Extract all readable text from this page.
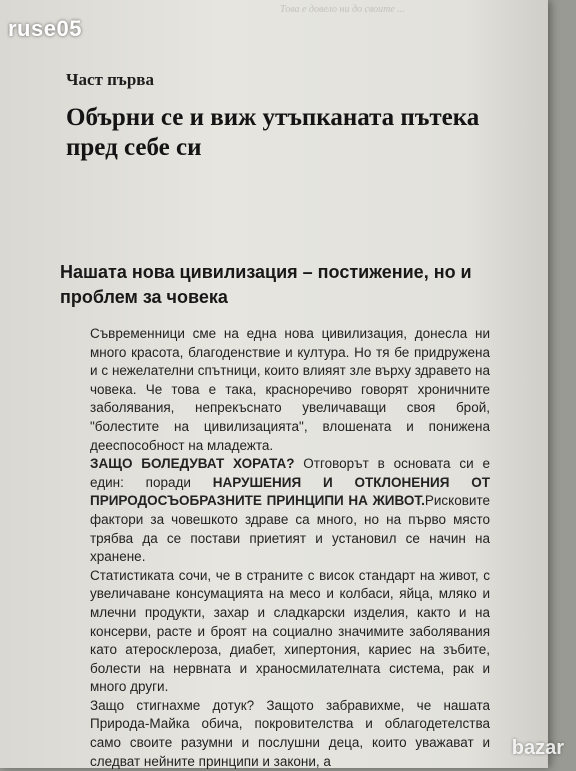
Това е довело ни до своите ...
Част първа
Обърни се и виж утъпканата пътека пред себе си
Нашата нова цивилизация – постижение, но и проблем за човека

Съвременници сме на една нова цивилизация, донесла ни много красота, благоденствие и култура. Но тя бе придружена и с нежелателни спътници, които влияят зле върху здравето на човека. Че това е така, красноречиво говорят хроничните заболявания, непрекъснато увеличаващи своя брой, "болестите на цивилизацията", влошената и понижена дееспособност на младежта.

ЗАЩО БОЛЕДУВАТ ХОРАТА? Отговорът в основата си е един: поради НАРУШЕНИЯ И ОТКЛОНЕНИЯ ОТ ПРИРОДОСЪОБРАЗНИТЕ ПРИНЦИПИ НА ЖИВОТ.Рисковите фактори за човешкото здраве са много, но на първо място трябва да се постави приетият и установил се начин на хранене.

Статистиката сочи, че в страните с висок стандарт на живот, с увеличаване консумацията на месо и колбаси, яйца, мляко и млечни продукти, захар и сладкарски изделия, както и на консерви, расте и броят на социално значимите заболявания като атеросклероза, диабет, хипертония, кариес на зъбите, болести на нервната и храносмилателната система, рак и много други.

Защо стигнахме дотук? Защото забравихме, че нашата Природа-Майка обича, покровителства и облагодетелства само своите разумни и послушни деца, които уважават и следват нейните принципи и закони, а

ruse05
bazar
